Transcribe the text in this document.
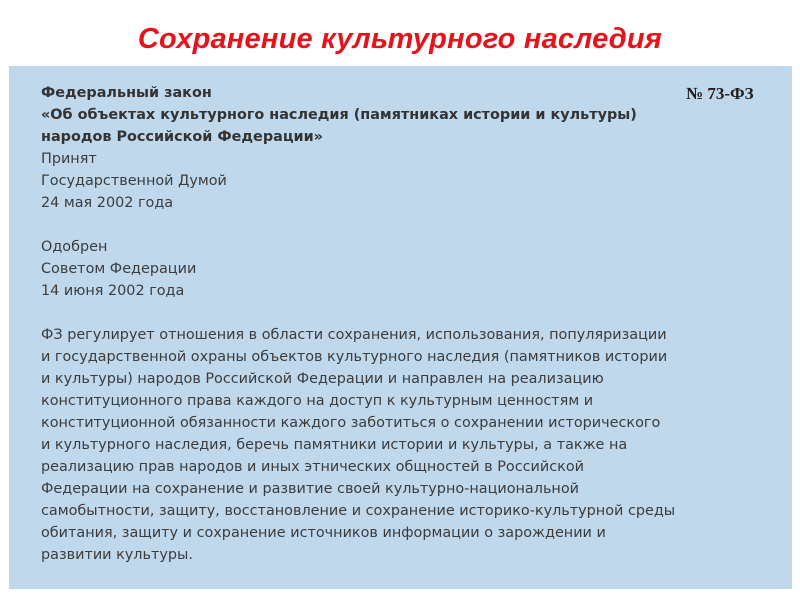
Сохранение культурного наследия
№ 73-ФЗ
Федеральный закон
«Об объектах культурного наследия (памятниках истории и культуры)
народов Российской Федерации»
Принят
Государственной Думой
24 мая 2002 года
Одобрен
Советом Федерации
14 июня 2002 года
ФЗ регулирует отношения в области сохранения, использования, популяризации
и государственной охраны объектов культурного наследия (памятников истории
и культуры) народов Российской Федерации и направлен на реализацию
конституционного права каждого на доступ к культурным ценностям и
конституционной обязанности каждого заботиться о сохранении исторического
и культурного наследия, беречь памятники истории и культуры, а также на
реализацию прав народов и иных этнических общностей в Российской
Федерации на сохранение и развитие своей культурно-национальной
самобытности, защиту, восстановление и сохранение историко-культурной среды
обитания, защиту и сохранение источников информации о зарождении и
развитии культуры.
